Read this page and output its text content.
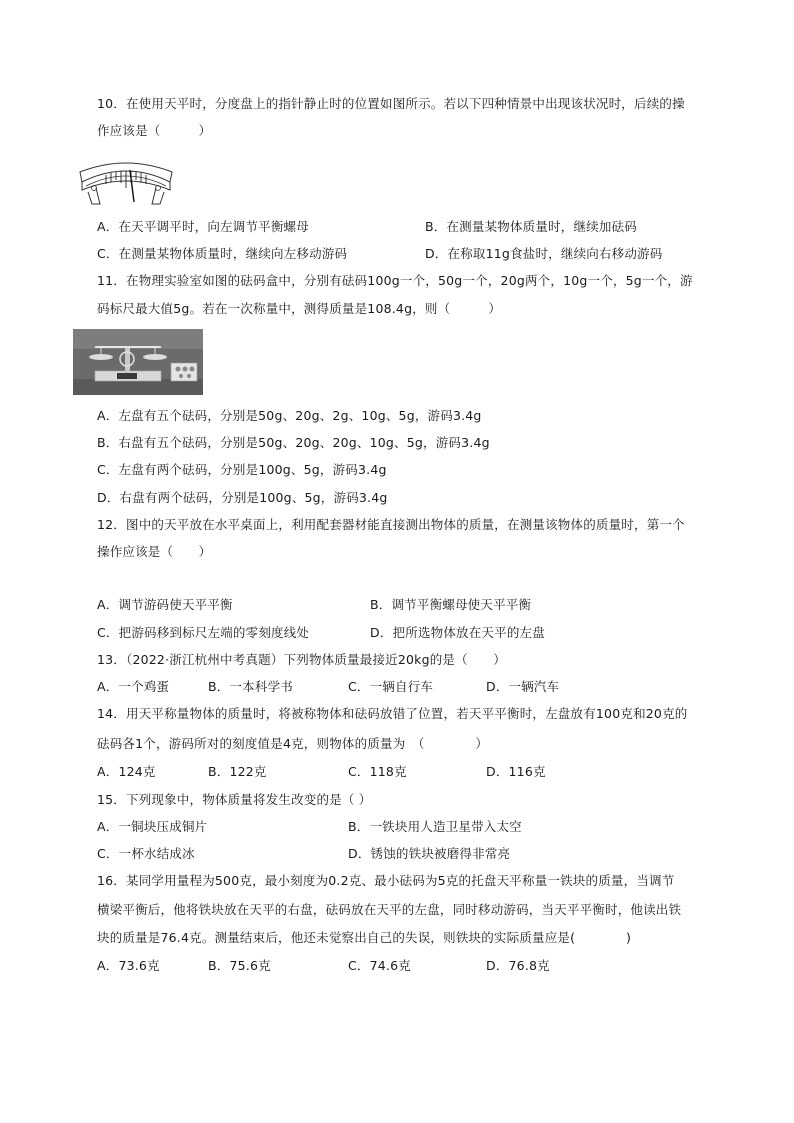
10．在使用天平时，分度盘上的指针静止时的位置如图所示。若以下四种情景中出现该状况时，后续的操
作应该是（　　　）
A．在天平调平时，向左调节平衡螺母	B．在测量某物体质量时，继续加砝码
C．在测量某物体质量时，继续向左移动游码	D．在称取11g食盐时，继续向右移动游码
11．在物理实验室如图的砝码盒中，分别有砝码100g一个，50g一个，20g两个，10g一个，5g一个，游
码标尺最大值5g。若在一次称量中，测得质量是108.4g，则（　　　）
A．左盘有五个砝码，分别是50g、20g、2g、10g、5g，游码3.4g
B．右盘有五个砝码，分别是50g、20g、20g、10g、5g，游码3.4g
C．左盘有两个砝码，分别是100g、5g，游码3.4g
D．右盘有两个砝码，分别是100g、5g，游码3.4g
12．图中的天平放在水平桌面上，利用配套器材能直接测出物体的质量，在测量该物体的质量时，第一个
操作应该是（　　）
A．调节游码使天平平衡	B．调节平衡螺母使天平平衡
C．把游码移到标尺左端的零刻度线处	D．把所选物体放在天平的左盘
13．（2022·浙江杭州中考真题）下列物体质量最接近20kg的是（　　）
A．一个鸡蛋	B．一本科学书	C．一辆自行车	D．一辆汽车
14．用天平称量物体的质量时，将被称物体和砝码放错了位置，若天平平衡时，左盘放有100克和20克的
砝码各1个，游码所对的刻度值是4克，则物体的质量为　（　　　　）
A．124克	B．122克	C．118克	D．116克
15．下列现象中，物体质量将发生改变的是（ ）
A．一铜块压成铜片	B．一铁块用人造卫星带入太空
C．一杯水结成冰	D．锈蚀的铁块被磨得非常亮
16．某同学用量程为500克，最小刻度为0.2克、最小砝码为5克的托盘天平称量一铁块的质量，当调节
横梁平衡后，他将铁块放在天平的右盘，砝码放在天平的左盘，同时移动游码，当天平平衡时，他读出铁
块的质量是76.4克。测量结束后，他还未觉察出自己的失误，则铁块的实际质量应是(　　　　)
A．73.6克	B．75.6克	C．74.6克	D．76.8克
